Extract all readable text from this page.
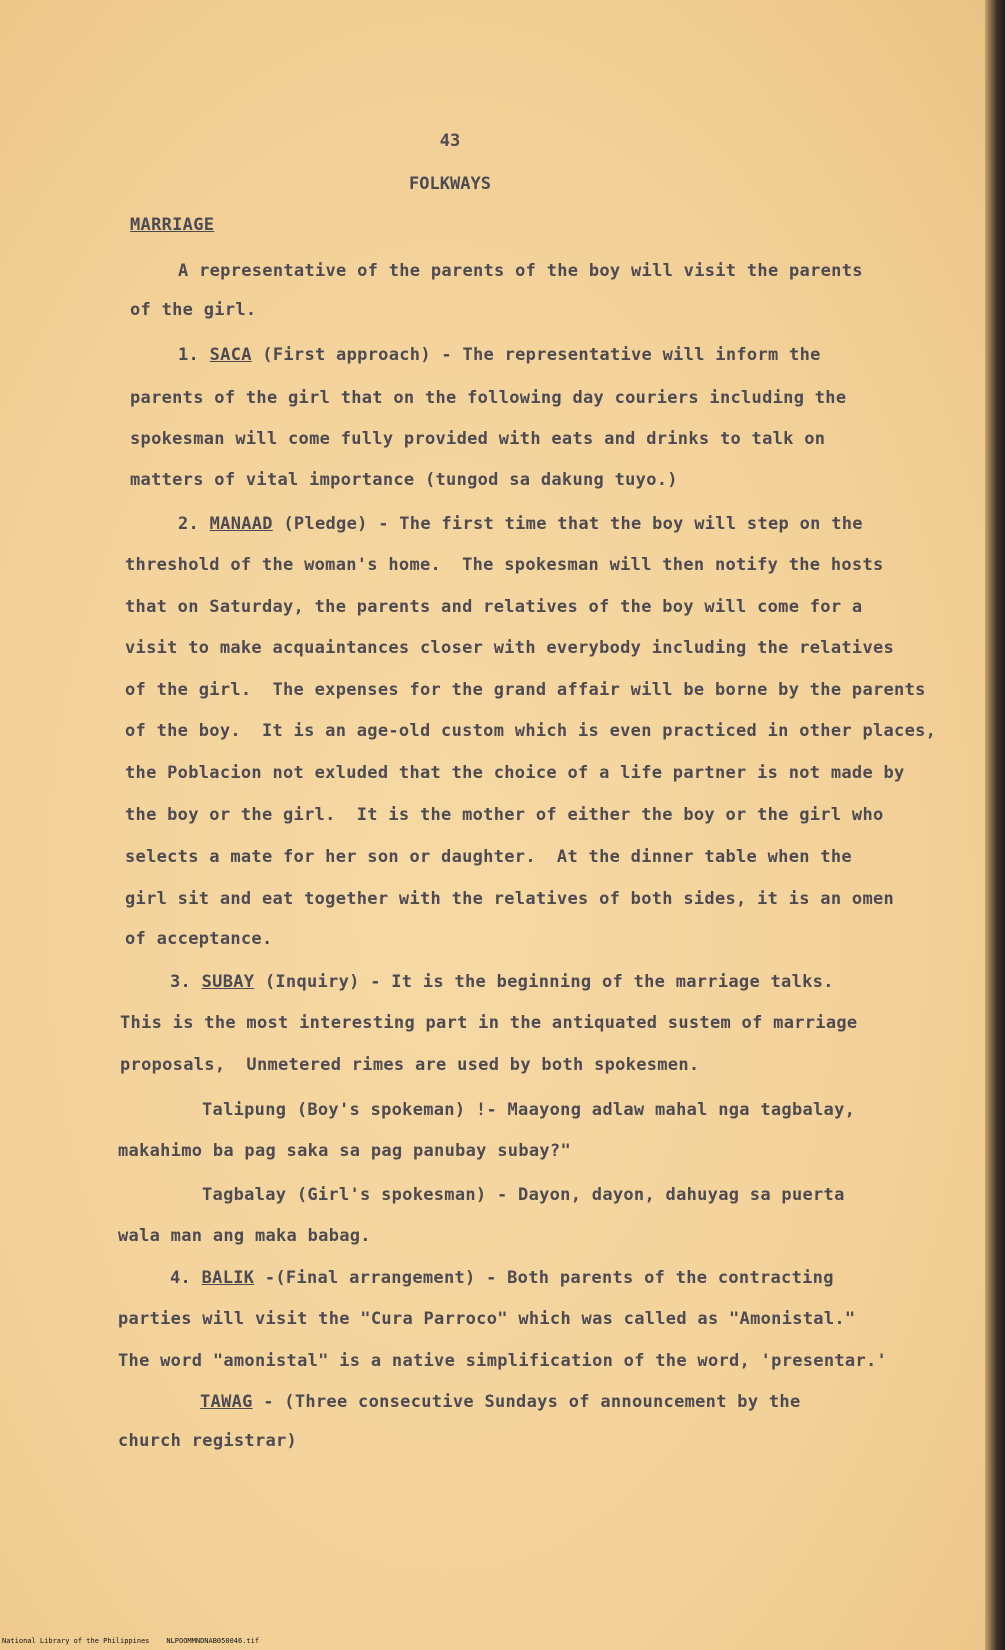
43
FOLKWAYS
MARRIAGE
A representative of the parents of the boy will visit the parents
of the girl.
1. SACA (First approach) - The representative will inform the
parents of the girl that on the following day couriers including the
spokesman will come fully provided with eats and drinks to talk on
matters of vital importance (tungod sa dakung tuyo.)
2. MANAAD (Pledge) - The first time that the boy will step on the
threshold of the woman's home.  The spokesman will then notify the hosts
that on Saturday, the parents and relatives of the boy will come for a
visit to make acquaintances closer with everybody including the relatives
of the girl.  The expenses for the grand affair will be borne by the parents
of the boy.  It is an age-old custom which is even practiced in other places,
the Poblacion not exluded that the choice of a life partner is not made by
the boy or the girl.  It is the mother of either the boy or the girl who
selects a mate for her son or daughter.  At the dinner table when the
girl sit and eat together with the relatives of both sides, it is an omen
of acceptance.
3. SUBAY (Inquiry) - It is the beginning of the marriage talks.
This is the most interesting part in the antiquated sustem of marriage
proposals,  Unmetered rimes are used by both spokesmen.
Talipung (Boy's spokeman) !- Maayong adlaw mahal nga tagbalay,
makahimo ba pag saka sa pag panubay subay?"
Tagbalay (Girl's spokesman) - Dayon, dayon, dahuyag sa puerta
wala man ang maka babag.
4. BALIK -(Final arrangement) - Both parents of the contracting
parties will visit the "Cura Parroco" which was called as "Amonistal."
The word "amonistal" is a native simplification of the word, 'presentar.'
TAWAG - (Three consecutive Sundays of announcement by the
church registrar)
National Library of the Philippines    NLPOOMMNDNAB050046.tif
